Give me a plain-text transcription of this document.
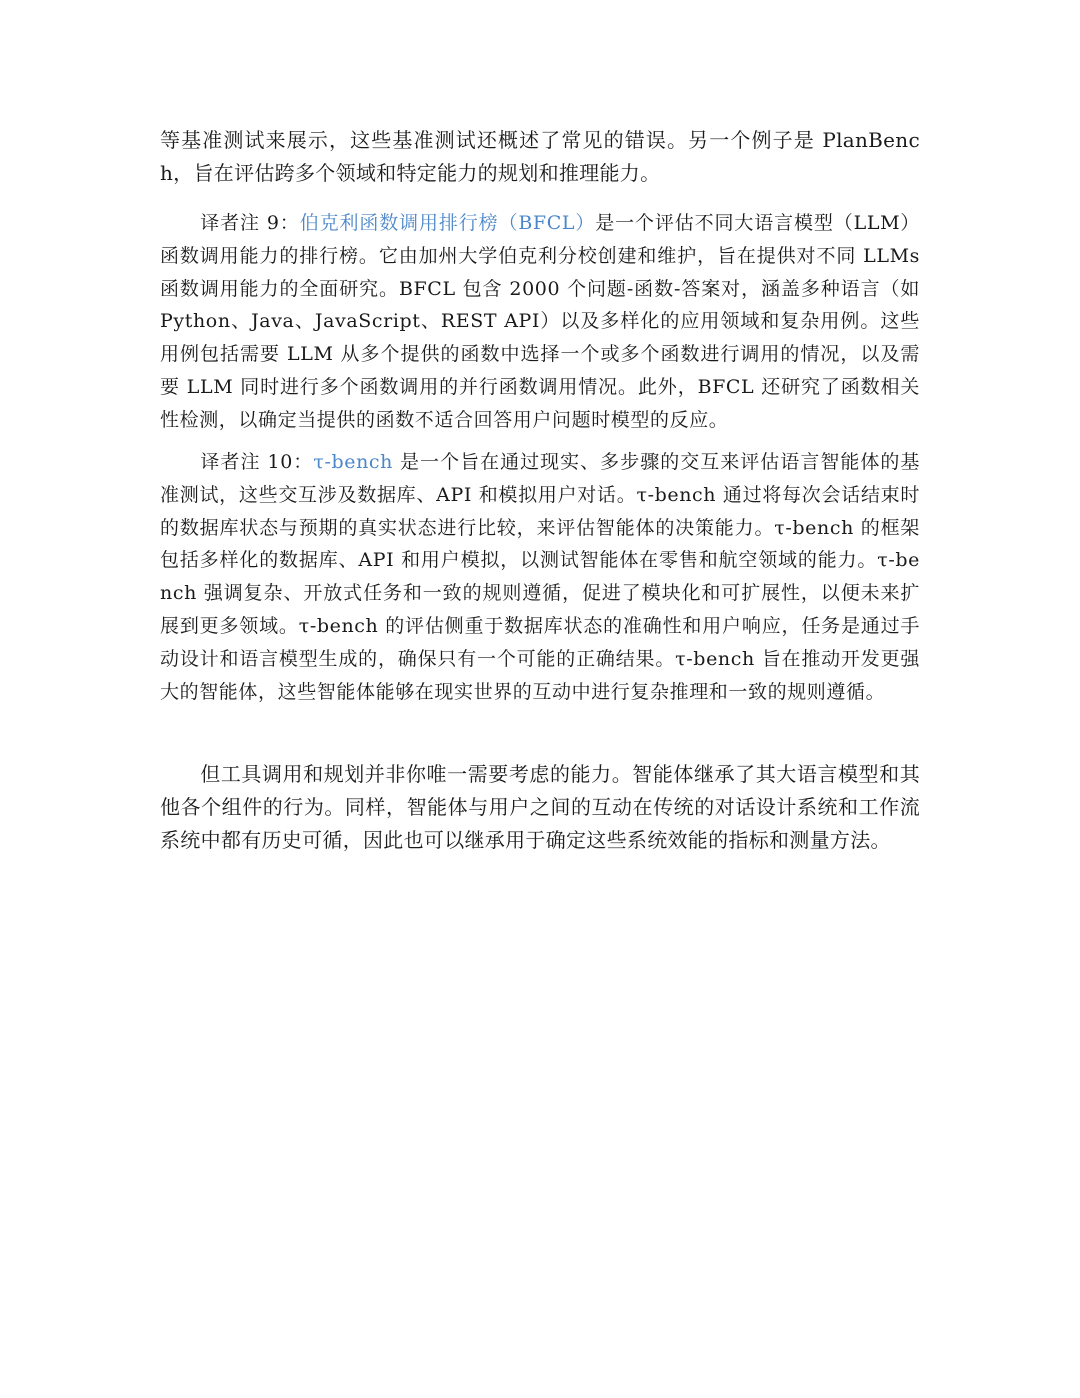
等基准测试来展示，这些基准测试还概述了常见的错误。另一个例子是 PlanBench，旨在评估跨多个领域和特定能力的规划和推理能力。

译者注 9：伯克利函数调用排行榜（BFCL）是一个评估不同大语言模型（LLM）函数调用能力的排行榜。它由加州大学伯克利分校创建和维护，旨在提供对不同 LLMs 函数调用能力的全面研究。BFCL 包含 2000 个问题-函数-答案对，涵盖多种语言（如 Python、Java、JavaScript、REST API）以及多样化的应用领域和复杂用例。这些用例包括需要 LLM 从多个提供的函数中选择一个或多个函数进行调用的情况，以及需要 LLM 同时进行多个函数调用的并行函数调用情况。此外，BFCL 还研究了函数相关性检测，以确定当提供的函数不适合回答用户问题时模型的反应。

译者注 10：τ-bench 是一个旨在通过现实、多步骤的交互来评估语言智能体的基准测试，这些交互涉及数据库、API 和模拟用户对话。τ-bench 通过将每次会话结束时的数据库状态与预期的真实状态进行比较，来评估智能体的决策能力。τ-bench 的框架包括多样化的数据库、API 和用户模拟，以测试智能体在零售和航空领域的能力。τ-bench 强调复杂、开放式任务和一致的规则遵循，促进了模块化和可扩展性，以便未来扩展到更多领域。τ-bench 的评估侧重于数据库状态的准确性和用户响应，任务是通过手动设计和语言模型生成的，确保只有一个可能的正确结果。τ-bench 旨在推动开发更强大的智能体，这些智能体能够在现实世界的互动中进行复杂推理和一致的规则遵循。

但工具调用和规划并非你唯一需要考虑的能力。智能体继承了其大语言模型和其他各个组件的行为。同样，智能体与用户之间的互动在传统的对话设计系统和工作流系统中都有历史可循，因此也可以继承用于确定这些系统效能的指标和测量方法。
